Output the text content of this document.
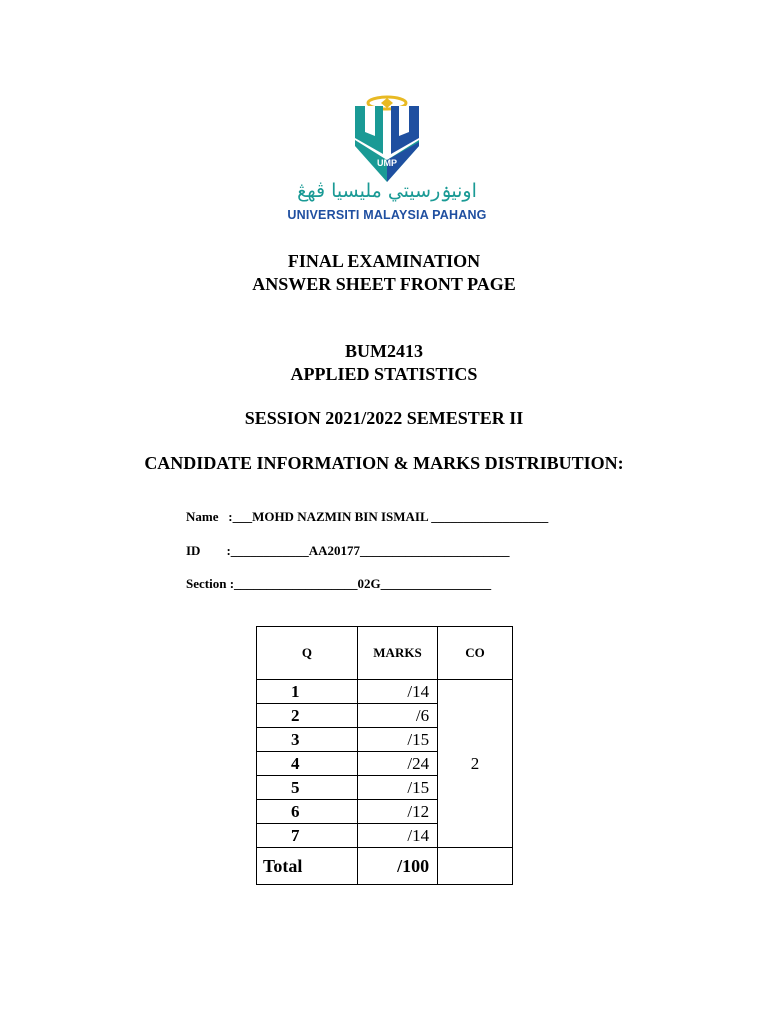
UMP
اونيۏرسيتي مليسيا ڤهڠ
UNIVERSITI MALAYSIA PAHANG
FINAL EXAMINATION
ANSWER SHEET FRONT PAGE
BUM2413
APPLIED STATISTICS
SESSION 2021/2022 SEMESTER II
CANDIDATE INFORMATION & MARKS DISTRIBUTION:
Name   :___MOHD NAZMIN BIN ISMAIL __________________
ID        :____________AA20177_______________________
Section :___________________02G_________________
Q	MARKS	CO
1	/14	2
2	/6	
3	/15	
4	/24	
5	/15	
6	/12	
7	/14	
Total	/100	
